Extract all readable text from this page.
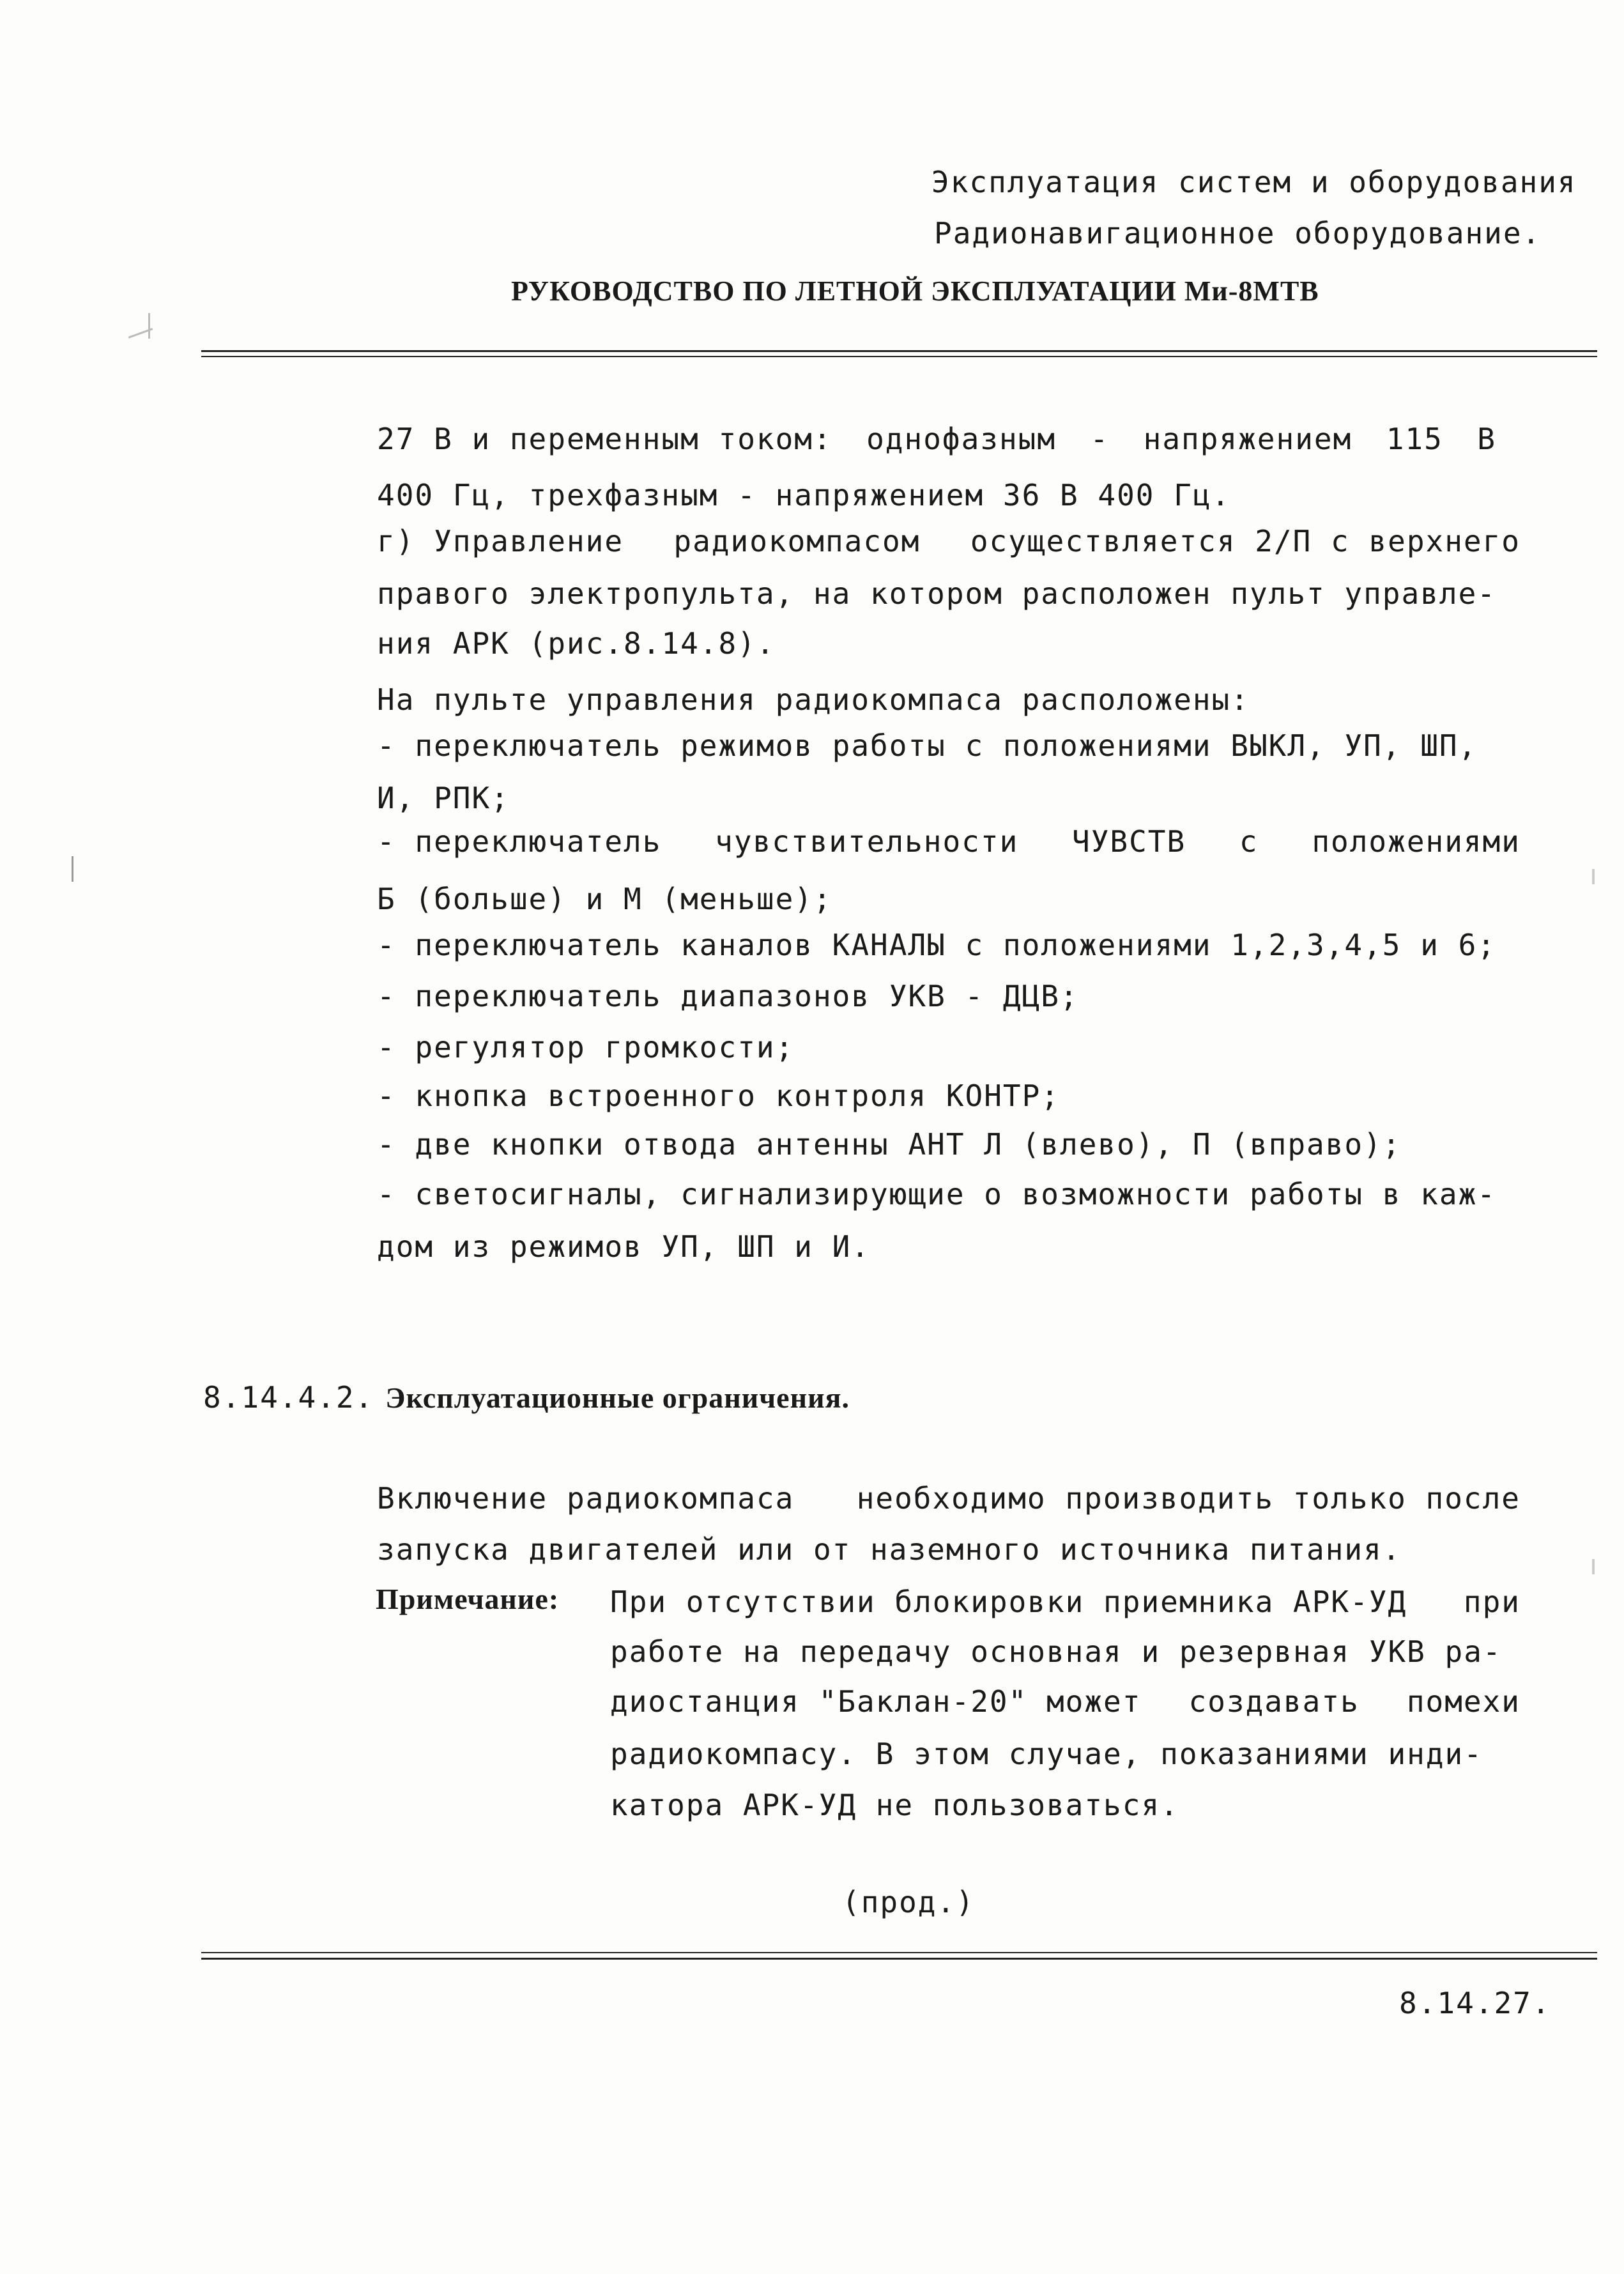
Эксплуатация систем и оборудования
Радионавигационное оборудование.
РУКОВОДСТВО ПО ЛЕТНОЙ ЭКСПЛУАТАЦИИ Ми-8МТВ
27 В и переменным током: однофазным - напряжением 115 В
400 Гц, трехфазным - напряжением 36 В 400 Гц.
г) Управление радиокомпасом осуществляется 2/П с верхнего
правого электропульта, на котором расположен пульт управле-
ния АРК (рис.8.14.8).
На пульте управления радиокомпаса расположены:
- переключатель режимов работы с положениями ВЫКЛ, УП, ШП,
И, РПК;
- переключатель чувствительности ЧУВСТВ с положениями
Б (больше) и М (меньше);
- переключатель каналов КАНАЛЫ с положениями 1,2,3,4,5 и 6;
- переключатель диапазонов УКВ - ДЦВ;
- регулятор громкости;
- кнопка встроенного контроля КОНТР;
- две кнопки отвода антенны АНТ Л (влево), П (вправо);
- светосигналы, сигнализирующие о возможности работы в каж-
дом из режимов УП, ШП и И.
8.14.4.2. Эксплуатационные ограничения.
Включение радиокомпаса необходимо производить только после
запуска двигателей или от наземного источника питания.
Примечание: При отсутствии блокировки приемника АРК-УД при
работе на передачу основная и резервная УКВ ра-
диостанция "Баклан-20" может создавать помехи
радиокомпасу. В этом случае, показаниями инди-
катора АРК-УД не пользоваться.
(прод.)
8.14.27.
